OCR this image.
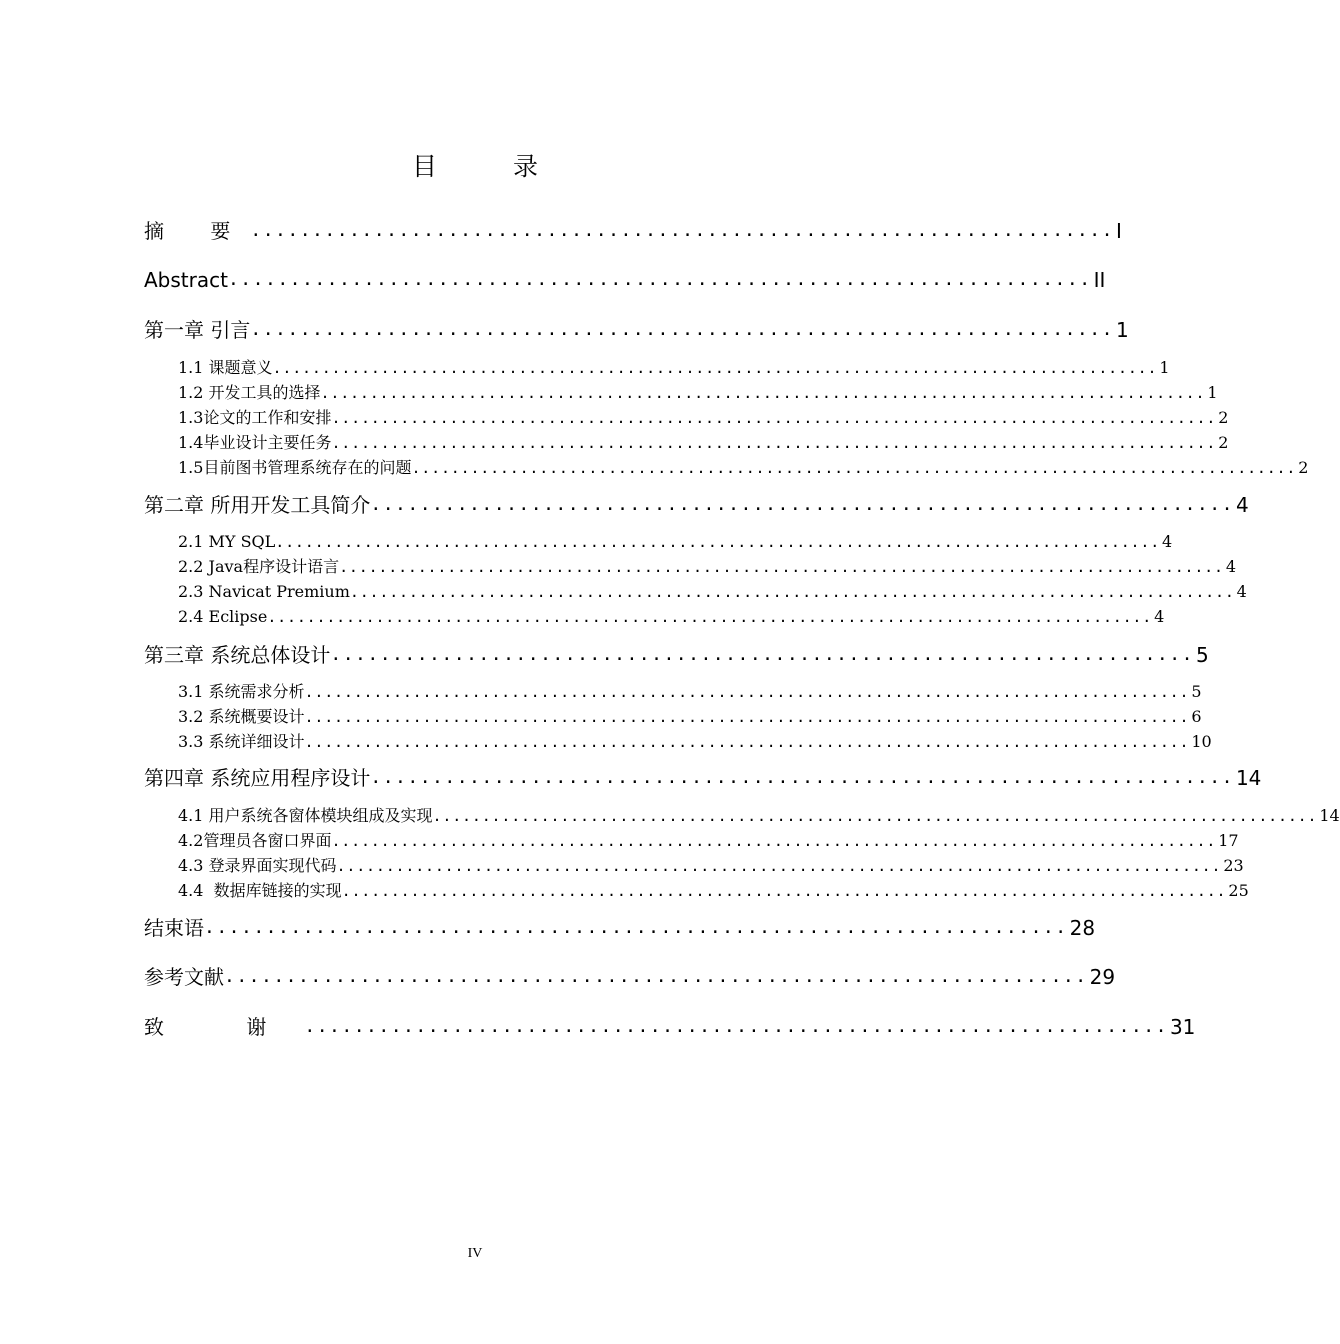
目 录
摘 要 ...................................................................... I
Abstract ...................................................................... II
第一章 引言 ...................................................................... 1
1.1 课题意义 .......................................................................................... 1
1.2 开发工具的选择 .......................................................................................... 1
1.3论文的工作和安排 .......................................................................................... 2
1.4毕业设计主要任务 .......................................................................................... 2
1.5目前图书管理系统存在的问题 .......................................................................................... 2
第二章 所用开发工具简介 ...................................................................... 4
2.1 MY SQL .......................................................................................... 4
2.2 Java程序设计语言 .......................................................................................... 4
2.3 Navicat Premium .......................................................................................... 4
2.4 Eclipse .......................................................................................... 4
第三章 系统总体设计 ...................................................................... 5
3.1 系统需求分析 .......................................................................................... 5
3.2 系统概要设计 .......................................................................................... 6
3.3 系统详细设计 .......................................................................................... 10
第四章 系统应用程序设计 ...................................................................... 14
4.1 用户系统各窗体模块组成及实现 .......................................................................................... 14
4.2管理员各窗口界面 .......................................................................................... 17
4.3 登录界面实现代码 .......................................................................................... 23
4.4  数据库链接的实现 .......................................................................................... 25
结束语 ...................................................................... 28
参考文献 ...................................................................... 29
致 谢 ...................................................................... 31
IV
